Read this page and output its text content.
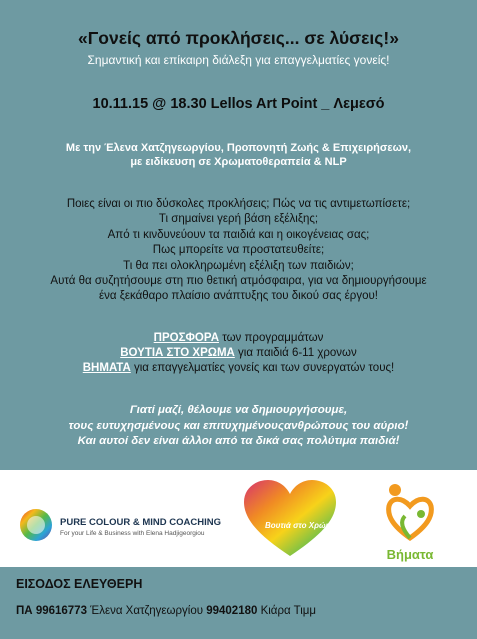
«Γονείς από προκλήσεις... σε λύσεις!»
Σημαντική και επίκαιρη διάλεξη για επαγγελματίες γονείς!
10.11.15 @ 18.30 Lellos Art Point _ Λεμεσό
Με την Έλενα Χατζηγεωργίου, Προπονητή Ζωής & Επιχειρήσεων,
με ειδίκευση σε Χρωματοθεραπεία & NLP
Ποιες είναι οι πιο δύσκολες προκλήσεις; Πώς να τις αντιμετωπίσετε;
Τι σημαίνει γερή βάση εξέλιξης;
Από τι κινδυνεύουν τα παιδιά και η οικογένειας σας;
Πως μπορείτε να προστατευθείτε;
Τι θα πει ολοκληρωμένη εξέλιξη των παιδιών;
Αυτά θα συζητήσουμε στη πιο θετική ατμόσφαιρα, για να δημιουργήσουμε
ένα ξεκάθαρο πλαίσιο ανάπτυξης του δικού σας έργου!
ΠΡΟΣΦΟΡΑ των προγραμμάτων
ΒΟΥΤΙΑ ΣΤΟ ΧΡΩΜΑ για παιδιά 6-11 χρονων
ΒΗΜΑΤΑ για επαγγελματίες γονείς και των συνεργατών τους!
Γιατί μαζί, θέλουμε να δημιουργήσουμε,
τους ευτυχησμένους και επιτυχημένουςανθρώπους του αύριο!
Και αυτοί δεν είναι άλλοι από τα δικά σας πολύτιμα παιδιά!
PURE COLOUR & MIND COACHING
For your Life & Business with Elena Hadjigeorgiou
Βουτιά στο Χρώμα
Βήματα
ΕΙΣΟΔΟΣ ΕΛΕΥΘΕΡΗ
ΠΑ 99616773 Έλενα Χατζηγεωργίου 99402180 Κιάρα Τιμμ
